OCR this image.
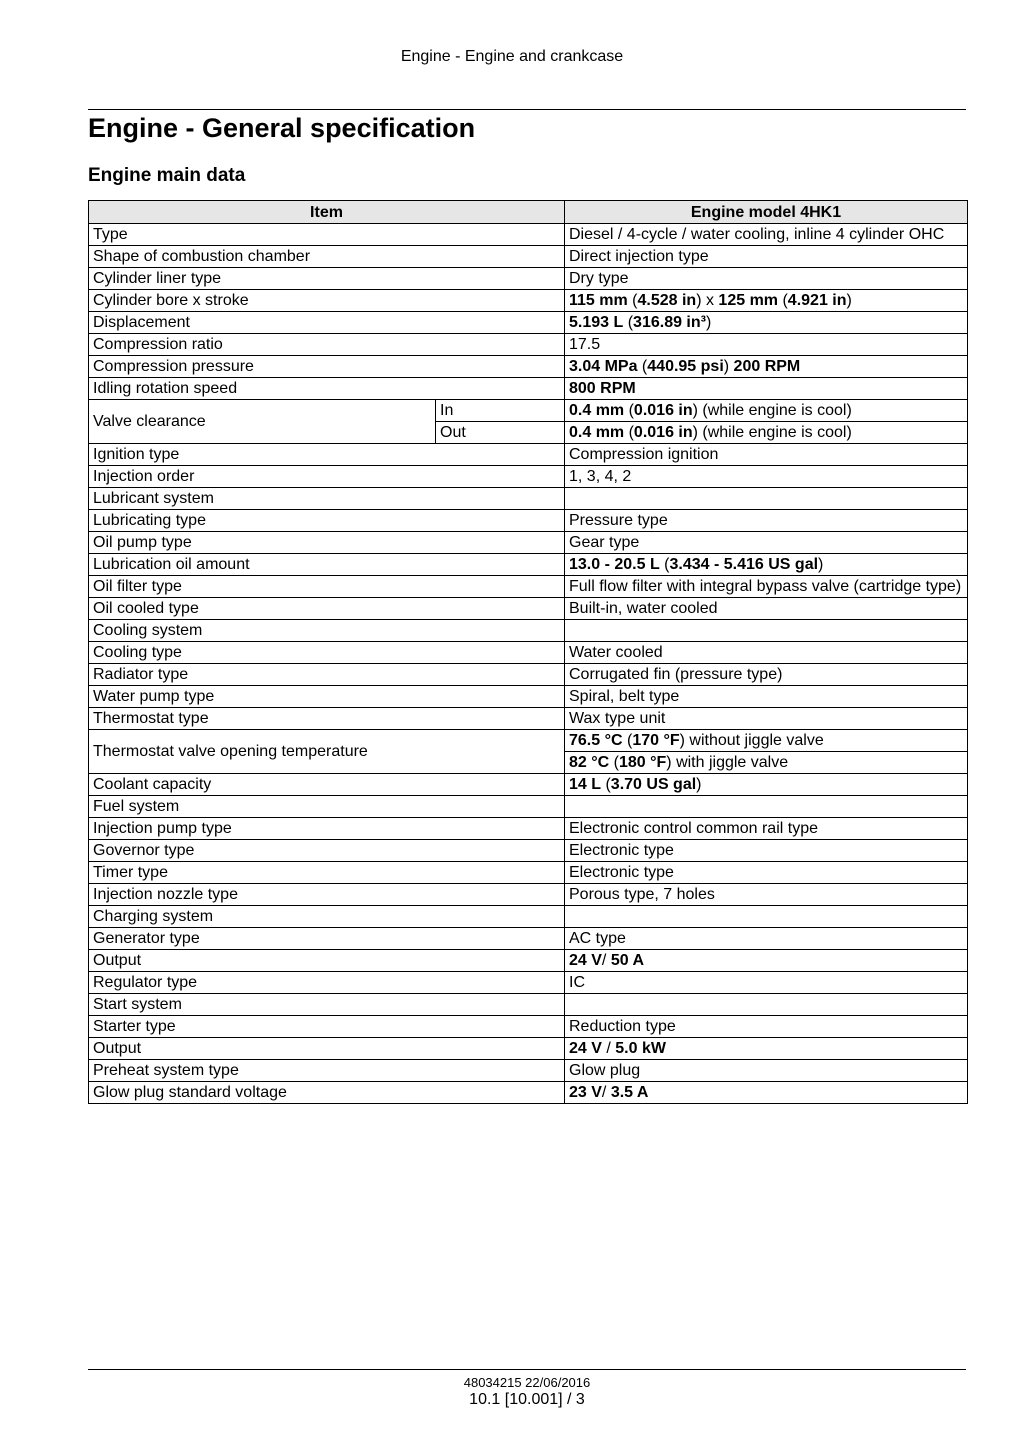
Engine - Engine and crankcase
Engine - General specification
Engine main data
Item		Engine model 4HK1
Type		Diesel / 4-cycle / water cooling, inline 4 cylinder OHC
Shape of combustion chamber		Direct injection type
Cylinder liner type		Dry type
Cylinder bore x stroke		115 mm (4.528 in) x 125 mm (4.921 in)
Displacement		5.193 L (316.89 in³)
Compression ratio		17.5
Compression pressure		3.04 MPa (440.95 psi) 200 RPM
Idling rotation speed		800 RPM
Valve clearance	In	0.4 mm (0.016 in) (while engine is cool)
	Out	0.4 mm (0.016 in) (while engine is cool)
Ignition type		Compression ignition
Injection order		1, 3, 4, 2
Lubricant system		
Lubricating type		Pressure type
Oil pump type		Gear type
Lubrication oil amount		13.0 - 20.5 L (3.434 - 5.416 US gal)
Oil filter type		Full flow filter with integral bypass valve (cartridge type)
Oil cooled type		Built-in, water cooled
Cooling system		
Cooling type		Water cooled
Radiator type		Corrugated fin (pressure type)
Water pump type		Spiral, belt type
Thermostat type		Wax type unit
Thermostat valve opening temperature		76.5 °C (170 °F) without jiggle valve
		82 °C (180 °F) with jiggle valve
Coolant capacity		14 L (3.70 US gal)
Fuel system		
Injection pump type		Electronic control common rail type
Governor type		Electronic type
Timer type		Electronic type
Injection nozzle type		Porous type, 7 holes
Charging system		
Generator type		AC type
Output		24 V/ 50 A
Regulator type		IC
Start system		
Starter type		Reduction type
Output		24 V / 5.0 kW
Preheat system type		Glow plug
Glow plug standard voltage		23 V/ 3.5 A
48034215 22/06/2016
10.1 [10.001] / 3
